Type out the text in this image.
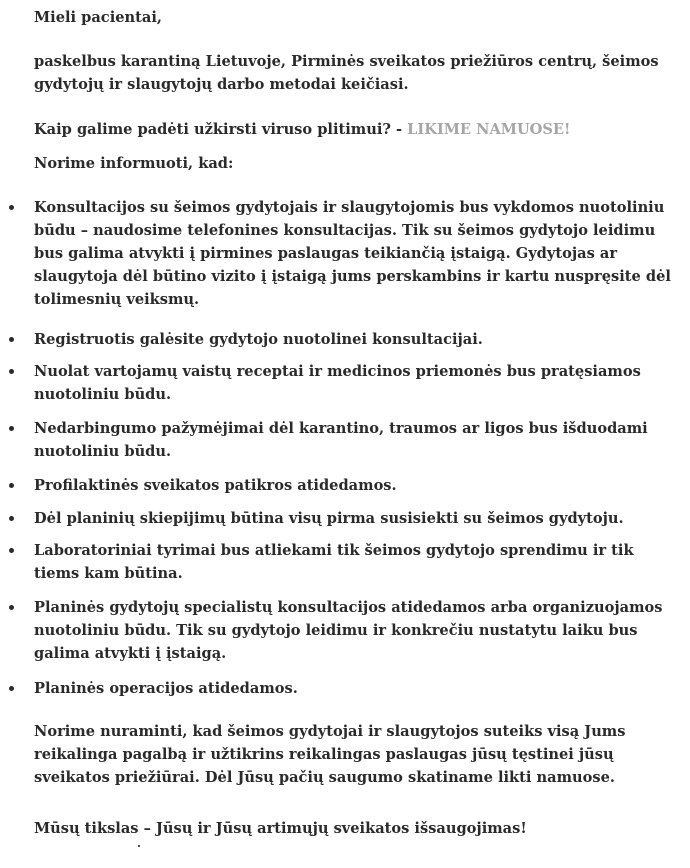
Mieli pacientai,

paskelbus karantiną Lietuvoje, Pirminės sveikatos priežiūros centrų, šeimos gydytojų ir slaugytojų darbo metodai keičiasi.

Kaip galime padėti užkirsti viruso plitimui? - LIKIME NAMUOSE!

Norime informuoti, kad:

Konsultacijos su šeimos gydytojais ir slaugytojomis bus vykdomos nuotoliniu būdu – naudosime telefonines konsultacijas. Tik su šeimos gydytojo leidimu bus galima atvykti į pirmines paslaugas teikiančią įstaigą. Gydytojas ar slaugytoja dėl būtino vizito į įstaigą jums perskambins ir kartu nuspręsite dėl tolimesnių veiksmų.
Registruotis galėsite gydytojo nuotolinei konsultacijai.
Nuolat vartojamų vaistų receptai ir medicinos priemonės bus pratęsiamos nuotoliniu būdu.
Nedarbingumo pažymėjimai dėl karantino, traumos ar ligos bus išduodami nuotoliniu būdu.
Profilaktinės sveikatos patikros atidedamos.
Dėl planinių skiepijimų būtina visų pirma susisiekti su šeimos gydytoju.
Laboratoriniai tyrimai bus atliekami tik šeimos gydytojo sprendimu ir tik tiems kam būtina.
Planinės gydytojų specialistų konsultacijos atidedamos arba organizuojamos nuotoliniu būdu. Tik su gydytojo leidimu ir konkrečiu nustatytu laiku bus galima atvykti į įstaigą.
Planinės operacijos atidedamos.

Norime nuraminti, kad šeimos gydytojai ir slaugytojos suteiks visą Jums reikalinga pagalbą ir užtikrins reikalingas paslaugas jūsų tęstinei jūsų sveikatos priežiūrai. Dėl Jūsų pačių saugumo skatiname likti namuose.

Mūsų tikslas – Jūsų ir Jūsų artimųjų sveikatos išsaugojimas!
